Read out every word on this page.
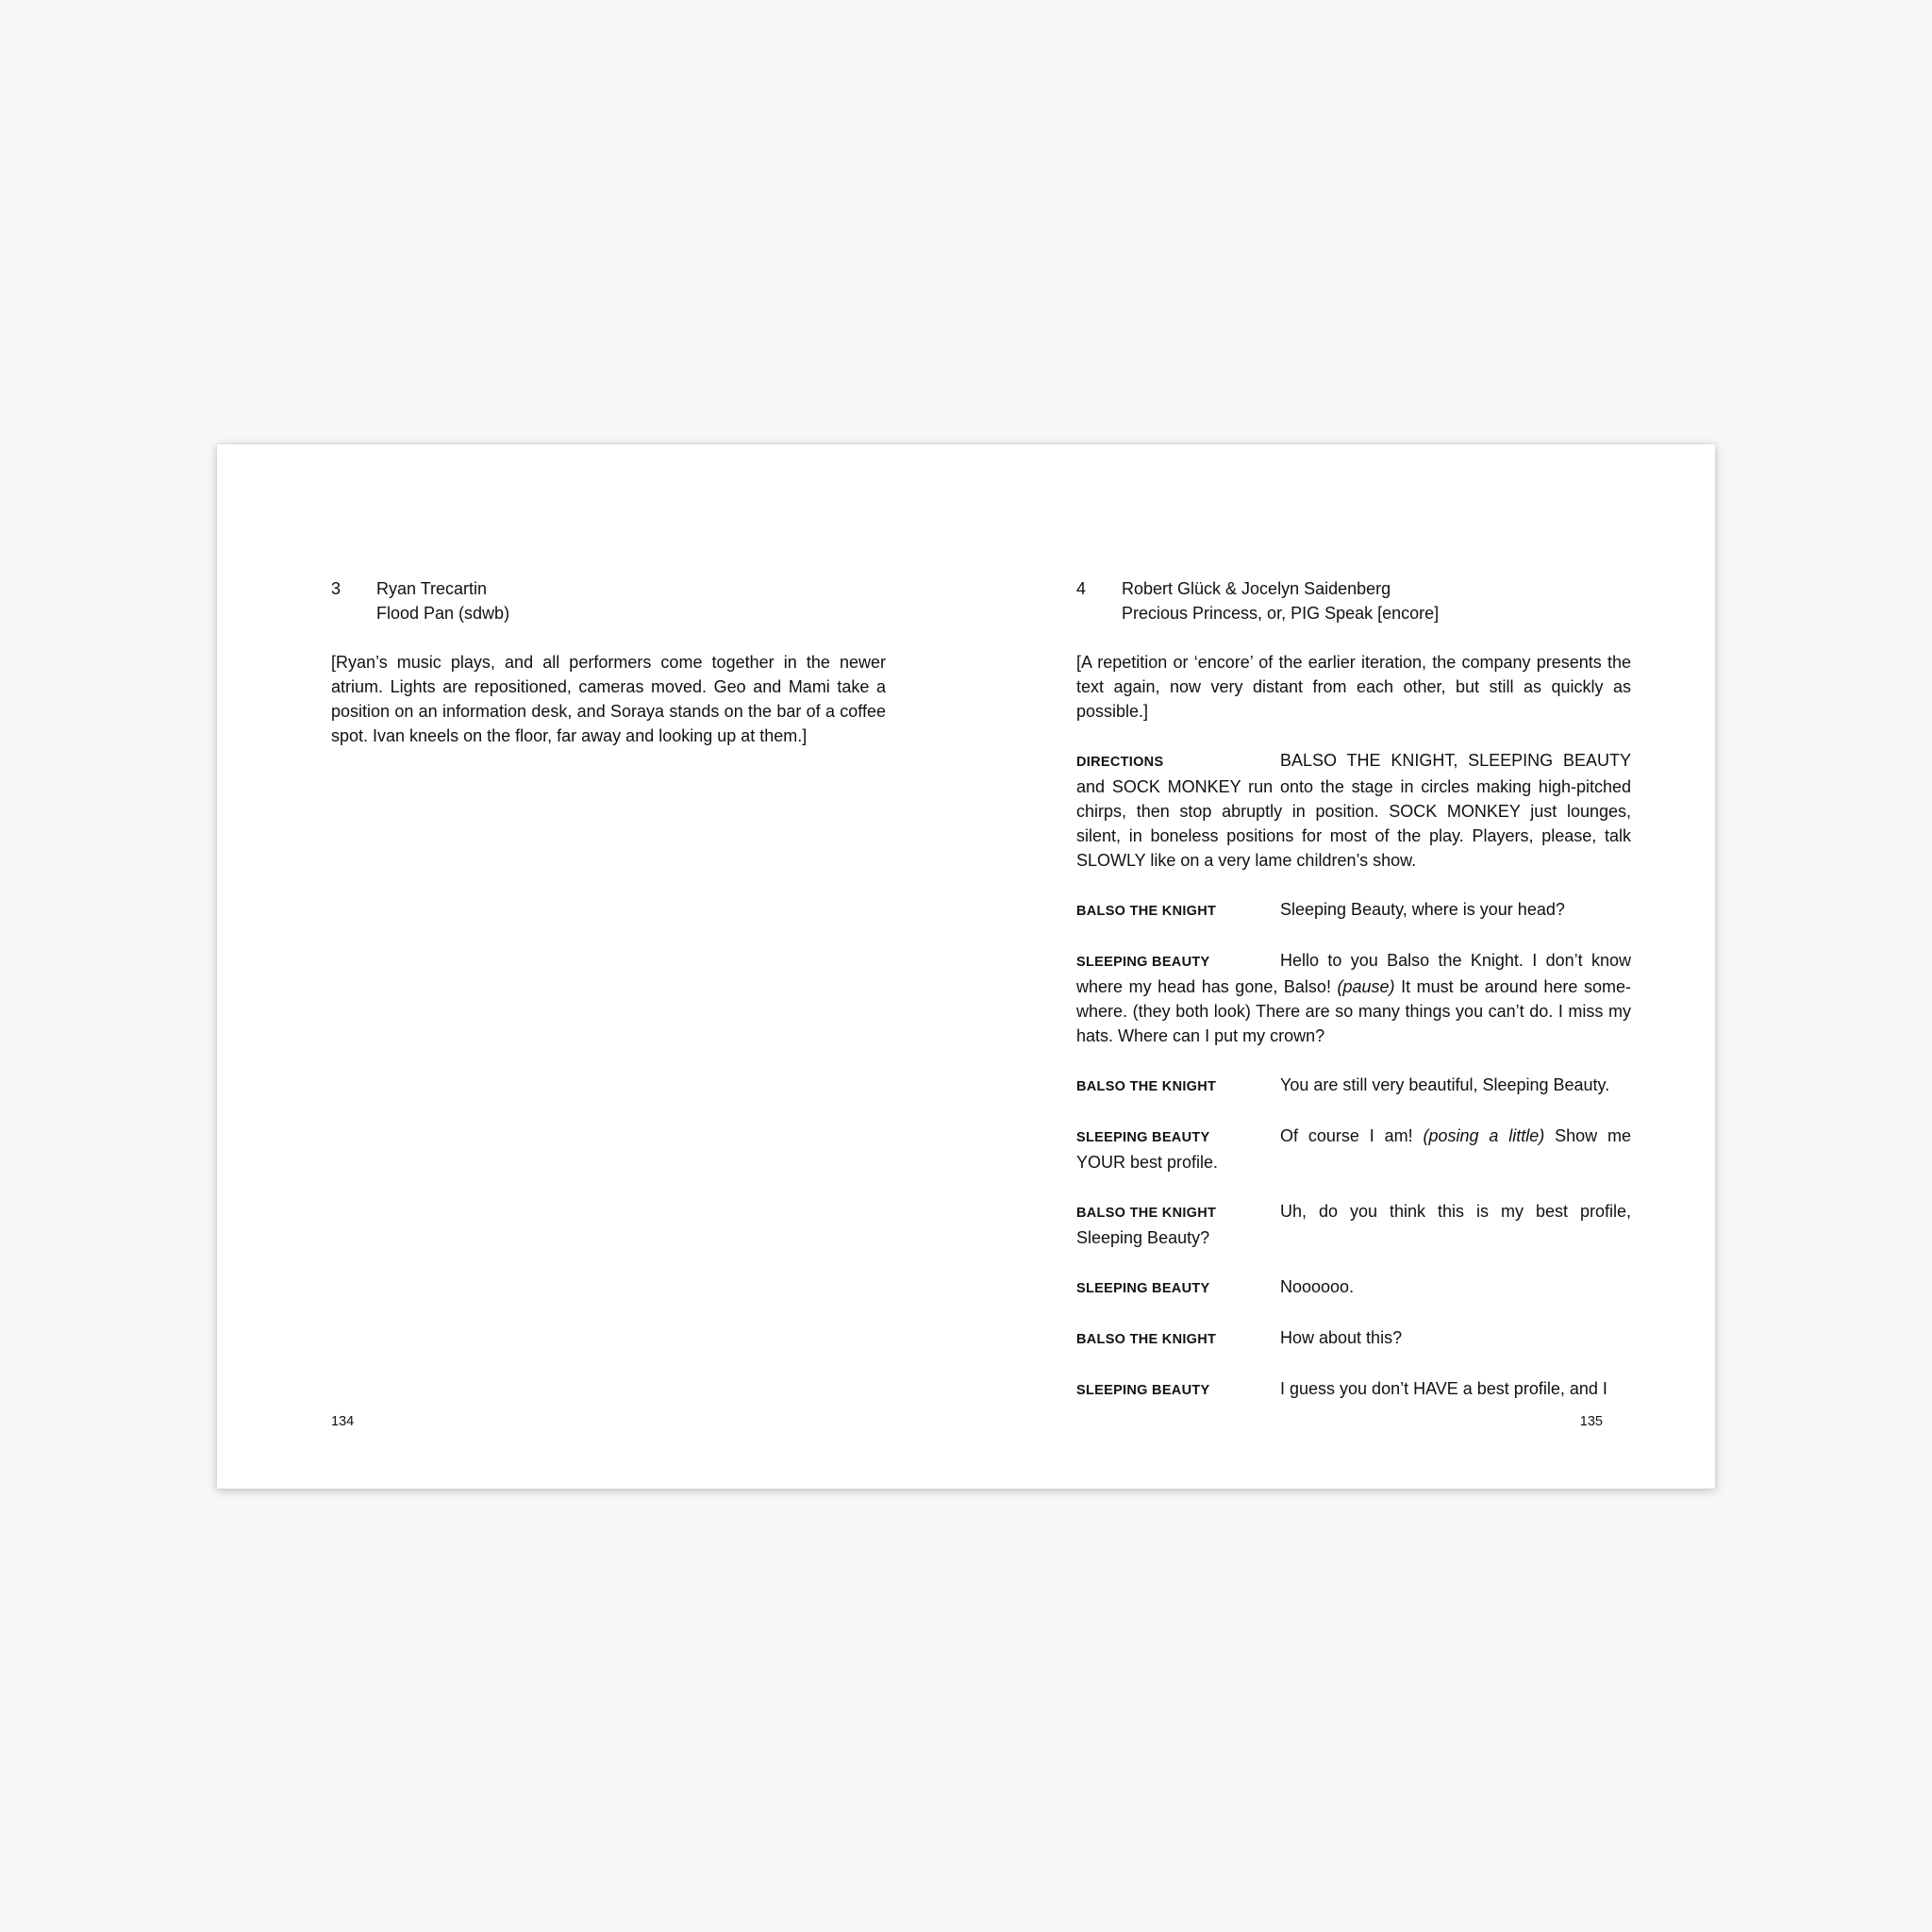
3	Ryan Trecartin
Flood Pan (sdwb)

[Ryan’s music plays, and all performers come together in the newer atrium. Lights are repositioned, cameras moved. Geo and Mami take a position on an information desk, and Soraya stands on the bar of a coffee spot. Ivan kneels on the floor, far away and looking up at them.]

134
4	Robert Glück & Jocelyn Saidenberg
Precious Princess, or, PIG Speak [encore]

[A repetition or ‘encore’ of the earlier iteration, the company presents the text again, now very distant from each other, but still as quickly as possible.]

DIRECTIONS	BALSO THE KNIGHT, SLEEPING BEAUTY and SOCK MONKEY run onto the stage in circles making high-pitched chirps, then stop abruptly in position. SOCK MONKEY just lounges, silent, in boneless positions for most of the play. Players, please, talk SLOWLY like on a very lame children’s show.

BALSO THE KNIGHT	Sleeping Beauty, where is your head?

SLEEPING BEAUTY	Hello to you Balso the Knight. I don’t know where my head has gone, Balso! (pause) It must be around here some-where. (they both look) There are so many things you can’t do. I miss my hats. Where can I put my crown?

BALSO THE KNIGHT	You are still very beautiful, Sleeping Beauty.

SLEEPING BEAUTY	Of course I am! (posing a little) Show me YOUR best profile.

BALSO THE KNIGHT	Uh, do you think this is my best profile, Sleeping Beauty?

SLEEPING BEAUTY	Noooooo.

BALSO THE KNIGHT	How about this?

SLEEPING BEAUTY	I guess you don’t HAVE a best profile, and I

135
